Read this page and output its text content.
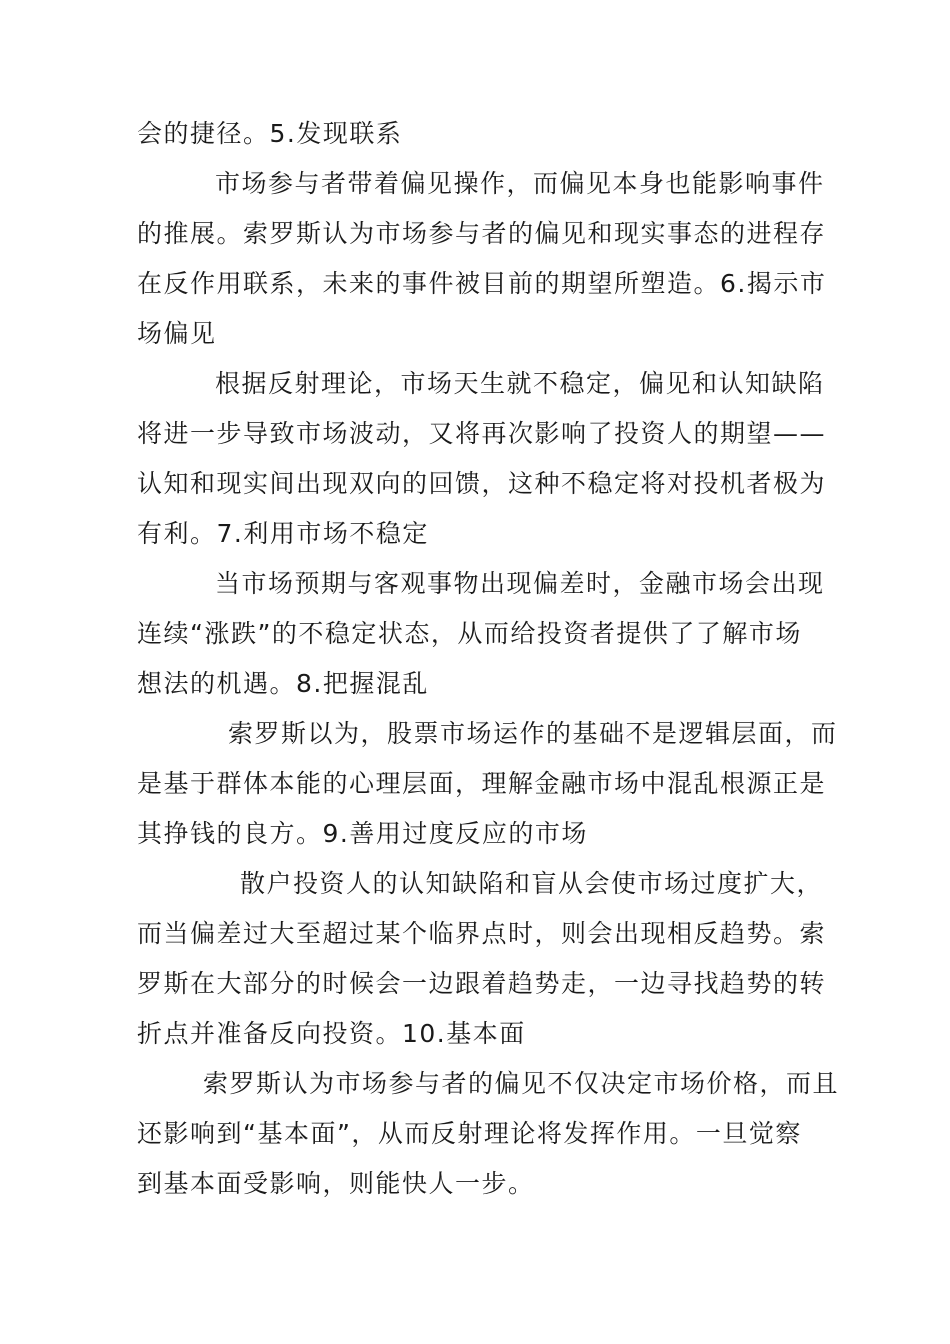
会的捷径。5.发现联系
市场参与者带着偏见操作，而偏见本身也能影响事件
的推展。索罗斯认为市场参与者的偏见和现实事态的进程存
在反作用联系，未来的事件被目前的期望所塑造。6.揭示市
场偏见
根据反射理论，市场天生就不稳定，偏见和认知缺陷
将进一步导致市场波动，又将再次影响了投资人的期望——
认知和现实间出现双向的回馈，这种不稳定将对投机者极为
有利。7.利用市场不稳定
当市场预期与客观事物出现偏差时，金融市场会出现
连续“涨跌”的不稳定状态，从而给投资者提供了了解市场
想法的机遇。8.把握混乱
索罗斯以为，股票市场运作的基础不是逻辑层面，而
是基于群体本能的心理层面，理解金融市场中混乱根源正是
其挣钱的良方。9.善用过度反应的市场
散户投资人的认知缺陷和盲从会使市场过度扩大，
而当偏差过大至超过某个临界点时，则会出现相反趋势。索
罗斯在大部分的时候会一边跟着趋势走，一边寻找趋势的转
折点并准备反向投资。10.基本面
索罗斯认为市场参与者的偏见不仅决定市场价格，而且
还影响到“基本面”，从而反射理论将发挥作用。一旦觉察
到基本面受影响，则能快人一步。
